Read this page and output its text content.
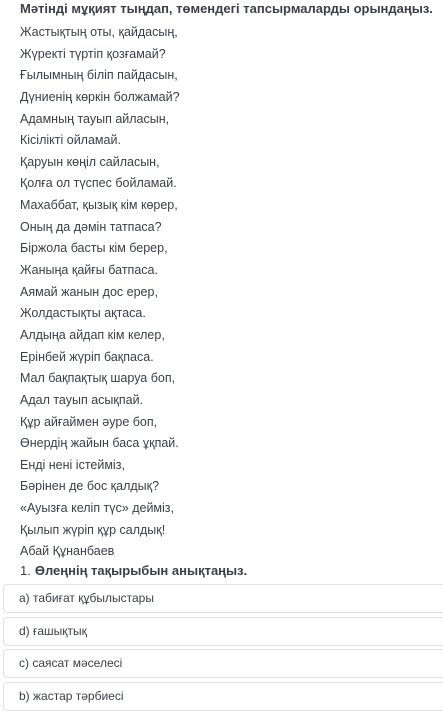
Мәтінді мұқият тыңдап, төмендегі тапсырмаларды орындаңыз.
Жастықтың оты, қайдасың,
Жүректі түртіп қозғамай?
Ғылымның біліп пайдасын,
Дүниенің көркін болжамай?
Адамның тауып айласын,
Кісілікті ойламай.
Қаруын көңіл сайласын,
Қолға ол түспес бойламай.
Махаббат, қызық кім көрер,
Оның да дәмін татпаса?
Біржола басты кім берер,
Жаныңа қайғы батпаса.
Аямай жанын дос ерер,
Жолдастықты ақтаса.
Алдыңа айдап кім келер,
Ерінбей жүріп бақпаса.
Мал бақпақтық шаруа боп,
Адал тауып асықпай.
Құр айғаймен әуре боп,
Өнердің жайын баса ұқпай.
Енді нені істейміз,
Бәрінен де бос қалдық?
«Ауызға келіп түс» дейміз,
Қылып жүріп құр салдық!
Абай Құнанбаев
1. Өлеңнің тақырыбын анықтаңыз.
а) табиғат құбылыстары
d) ғашықтық
с) саясат мәселесі
b) жастар тәрбиесі
